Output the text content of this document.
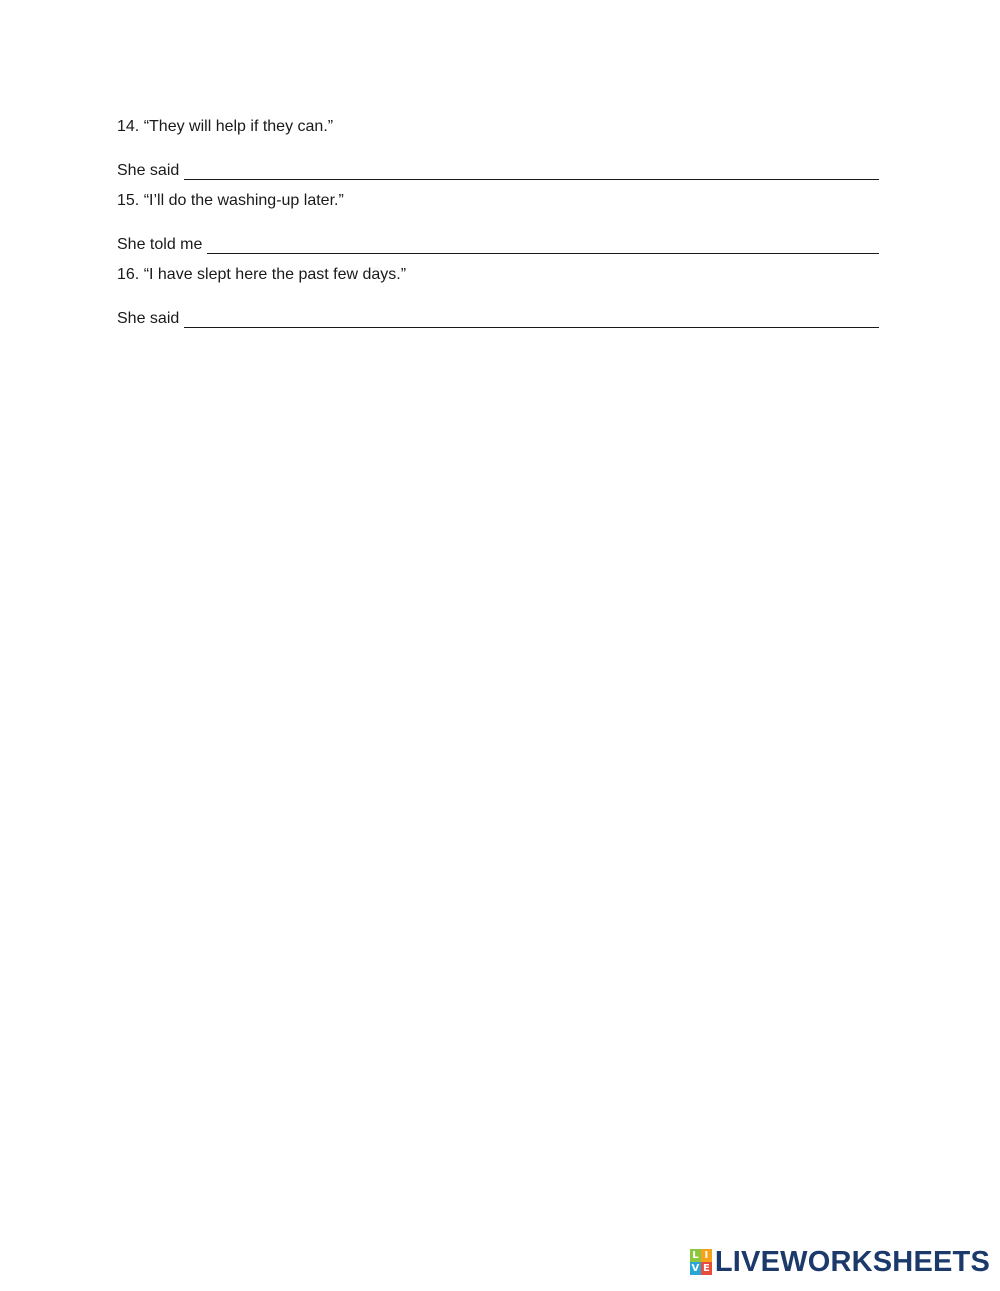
14. “They will help if they can.”
She said
15. “I’ll do the washing-up later.”
She told me
16. “I have slept here the past few days.”
She said
L I
V E LIVEWORKSHEETS
